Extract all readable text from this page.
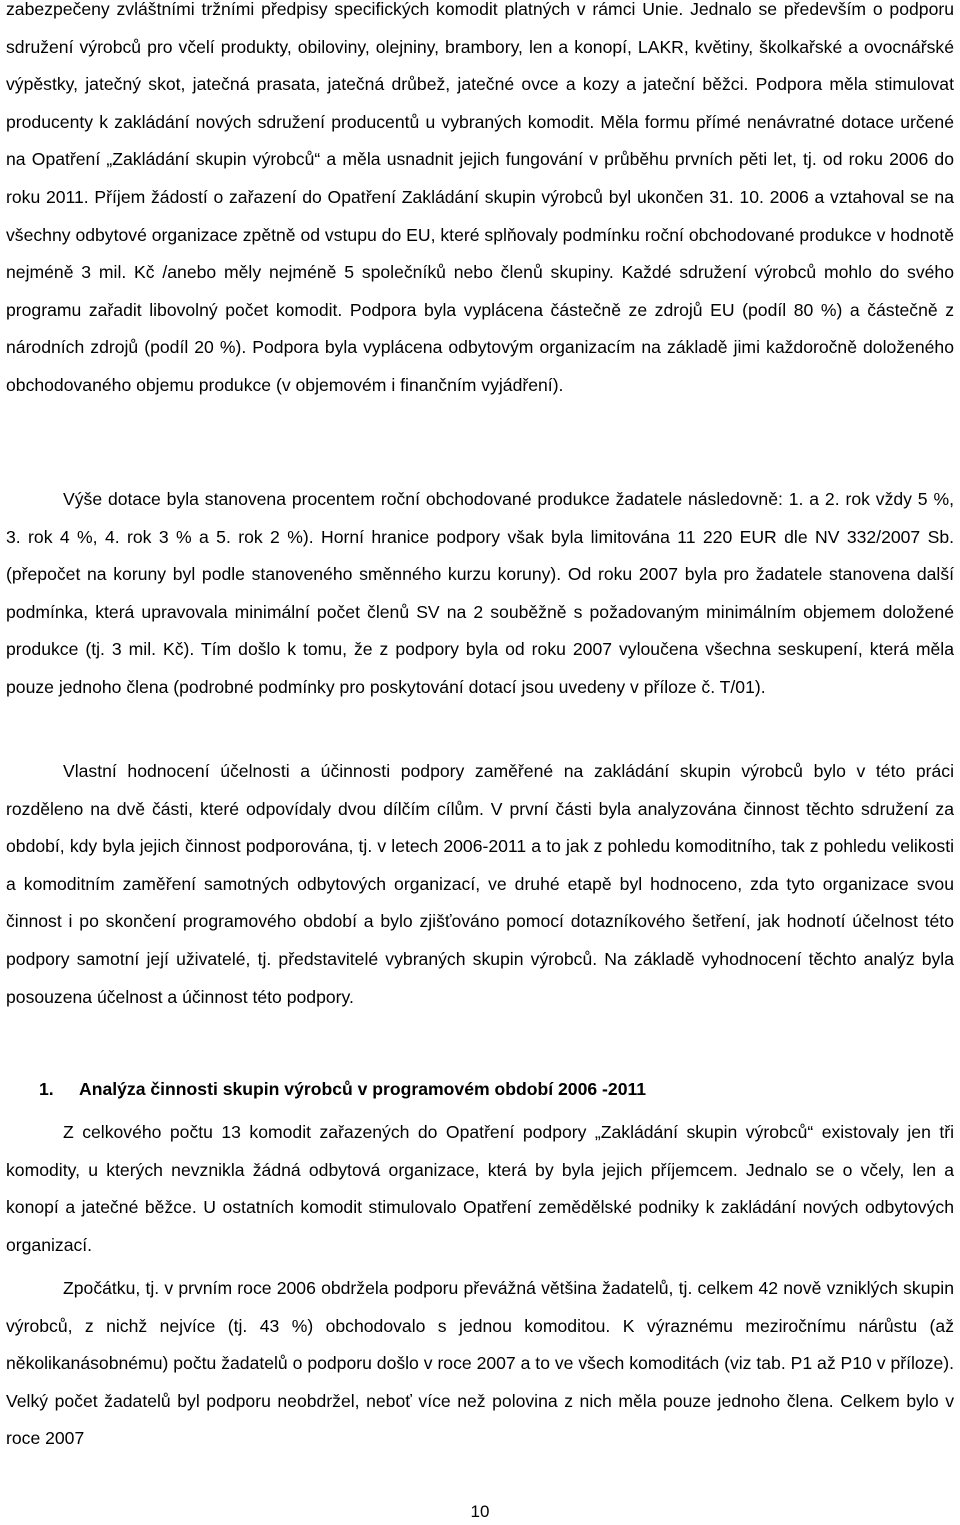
zabezpečeny zvláštními tržními předpisy specifických komodit platných v rámci Unie. Jednalo se především o podporu sdružení výrobců pro včelí produkty, obiloviny, olejniny, brambory, len a konopí, LAKR, květiny, školkařské a ovocnářské výpěstky, jatečný skot, jatečná prasata, jatečná drůbež, jatečné ovce a kozy a jateční běžci. Podpora měla stimulovat producenty k zakládání nových sdružení producentů u vybraných komodit. Měla formu přímé nenávratné dotace určené na Opatření „Zakládání skupin výrobců“ a měla usnadnit jejich fungování v průběhu prvních pěti let, tj. od roku 2006 do roku 2011. Příjem žádostí o zařazení do Opatření Zakládání skupin výrobců byl ukončen 31. 10. 2006 a vztahoval se na všechny odbytové organizace zpětně od vstupu do EU, které splňovaly podmínku roční obchodované produkce v hodnotě nejméně 3 mil. Kč /anebo měly nejméně 5 společníků nebo členů skupiny. Každé sdružení výrobců mohlo do svého programu zařadit libovolný počet komodit. Podpora byla vyplácena částečně ze zdrojů EU (podíl 80 %) a částečně z národních zdrojů (podíl 20 %). Podpora byla vyplácena odbytovým organizacím na základě jimi každoročně doloženého obchodovaného objemu produkce (v objemovém i finančním vyjádření).

Výše dotace byla stanovena procentem roční obchodované produkce žadatele následovně: 1. a 2. rok vždy 5 %, 3. rok 4 %, 4. rok 3 % a 5. rok 2 %). Horní hranice podpory však byla limitována 11 220 EUR dle NV 332/2007 Sb. (přepočet na koruny byl podle stanoveného směnného kurzu koruny). Od roku 2007 byla pro žadatele stanovena další podmínka, která upravovala minimální počet členů SV na 2 souběžně s požadovaným minimálním objemem doložené produkce (tj. 3 mil. Kč). Tím došlo k tomu, že z podpory byla od roku 2007 vyloučena všechna seskupení, která měla pouze jednoho člena (podrobné podmínky pro poskytování dotací jsou uvedeny v příloze č. T/01).

Vlastní hodnocení účelnosti a účinnosti podpory zaměřené na zakládání skupin výrobců bylo v této práci rozděleno na dvě části, které odpovídaly dvou dílčím cílům. V první části byla analyzována činnost těchto sdružení za období, kdy byla jejich činnost podporována, tj. v letech 2006-2011 a to jak z pohledu komoditního, tak z pohledu velikosti a komoditním zaměření samotných odbytových organizací, ve druhé etapě byl hodnoceno, zda tyto organizace svou činnost i po skončení programového období a bylo zjišťováno pomocí dotazníkového šetření, jak hodnotí účelnost této podpory samotní její uživatelé, tj. představitelé vybraných skupin výrobců. Na základě vyhodnocení těchto analýz byla posouzena účelnost a účinnost této podpory.

1. Analýza činnosti skupin výrobců v programovém období 2006 -2011

Z celkového počtu 13 komodit zařazených do Opatření podpory „Zakládání skupin výrobců“ existovaly jen tři komodity, u kterých nevznikla žádná odbytová organizace, která by byla jejich příjemcem. Jednalo se o včely, len a konopí a jatečné běžce. U ostatních komodit stimulovalo Opatření zemědělské podniky k zakládání nových odbytových organizací.

Zpočátku, tj. v prvním roce 2006 obdržela podporu převážná většina žadatelů, tj. celkem 42 nově vzniklých skupin výrobců, z nichž nejvíce (tj. 43 %) obchodovalo s jednou komoditou. K výraznému meziročnímu nárůstu (až několikanásobnému) počtu žadatelů o podporu došlo v roce 2007 a to ve všech komoditách (viz tab. P1 až P10 v příloze). Velký počet žadatelů byl podporu neobdržel, neboť více než polovina z nich měla pouze jednoho člena. Celkem bylo v roce 2007

10
